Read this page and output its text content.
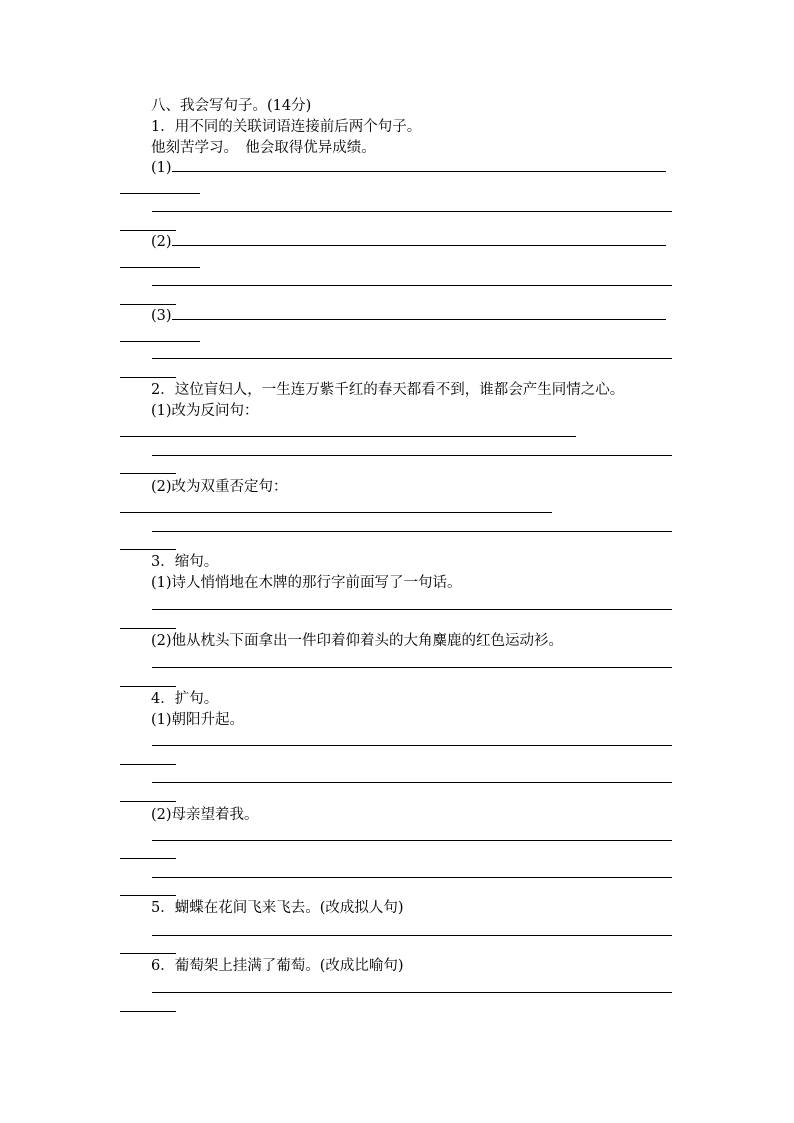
八、我会写句子。(14分)
1．用不同的关联词语连接前后两个句子。
他刻苦学习。　他会取得优异成绩。
(1)
(2)
(3)
2．这位盲妇人，一生连万紫千红的春天都看不到，谁都会产生同情之心。
(1)改为反问句：
(2)改为双重否定句：
3．缩句。
(1)诗人悄悄地在木牌的那行字前面写了一句话。
(2)他从枕头下面拿出一件印着仰着头的大角麋鹿的红色运动衫。
4．扩句。
(1)朝阳升起。
(2)母亲望着我。
5．蝴蝶在花间飞来飞去。(改成拟人句)
6．葡萄架上挂满了葡萄。(改成比喻句)
